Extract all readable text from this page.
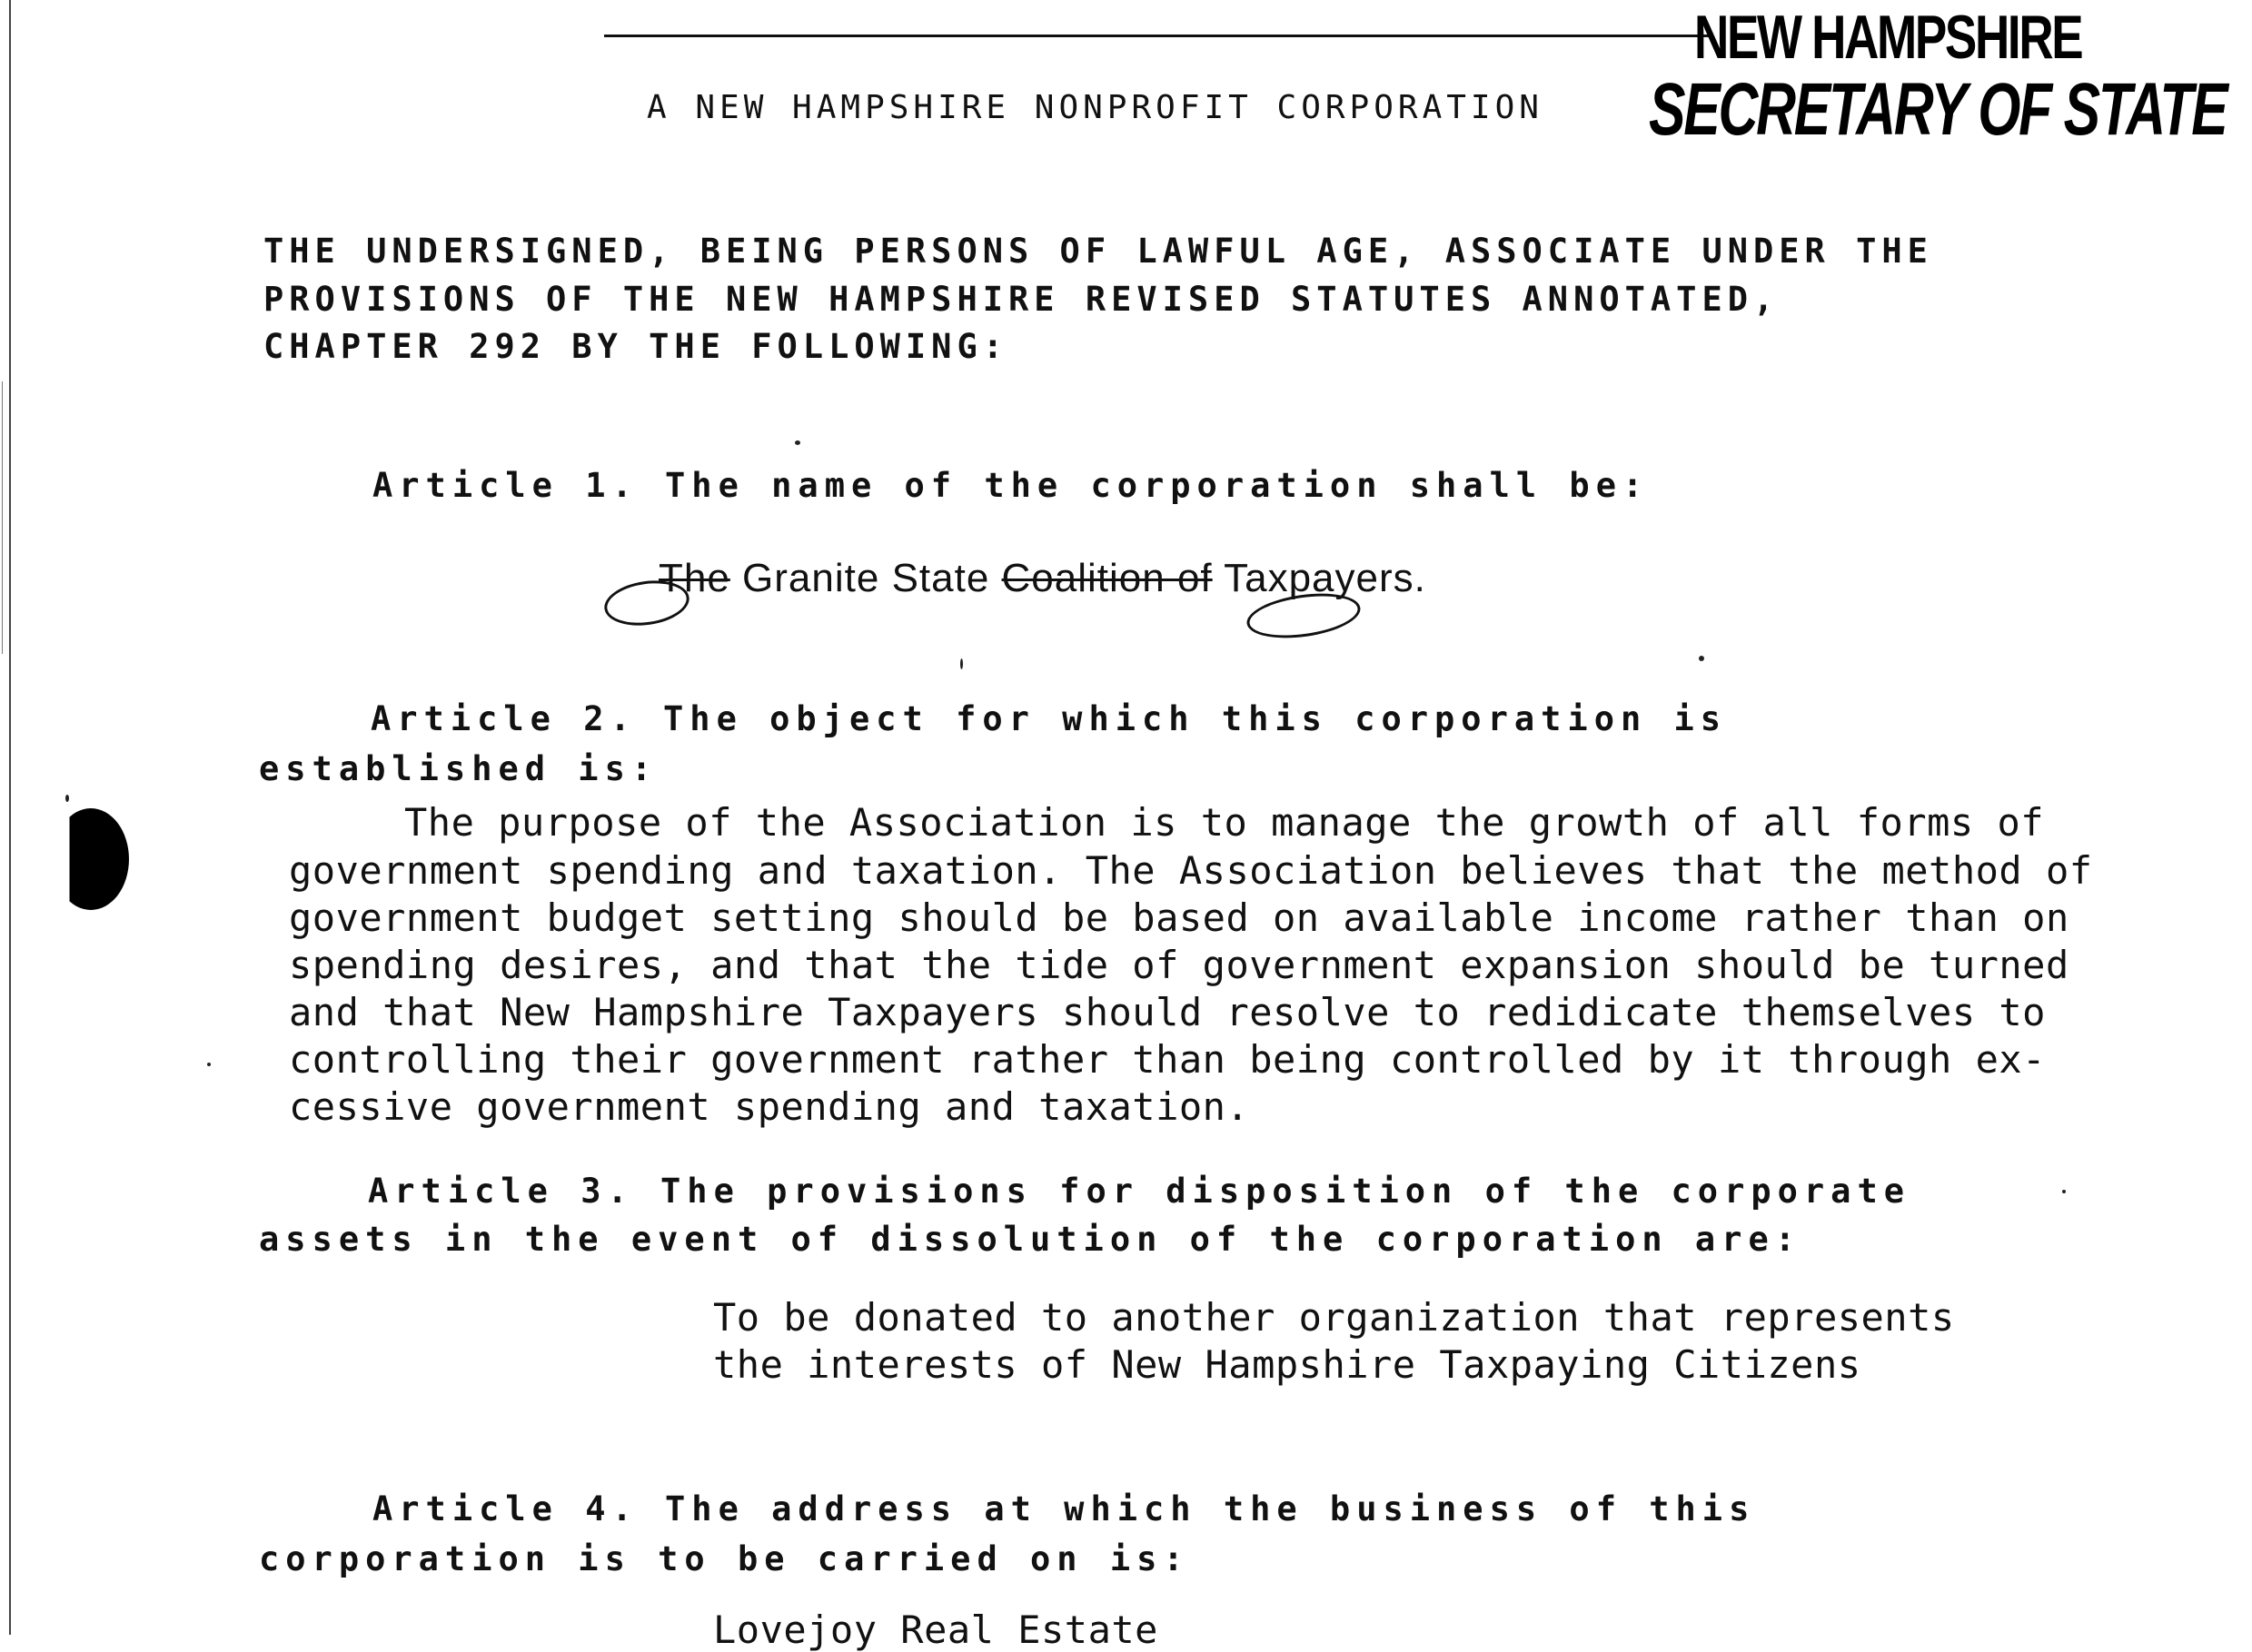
NEW HAMPSHIRE
SECRETARY OF STATE
A NEW HAMPSHIRE NONPROFIT CORPORATION
THE UNDERSIGNED, BEING PERSONS OF LAWFUL AGE, ASSOCIATE UNDER THE
PROVISIONS OF THE NEW HAMPSHIRE REVISED STATUTES ANNOTATED,
CHAPTER 292 BY THE FOLLOWING:
Article 1. The name of the corporation shall be:
The Granite State Coalition of Taxpayers.
Article 2. The object for which this corporation is
established is:
The purpose of the Association is to manage the growth of all forms of
government spending and taxation. The Association believes that the method of
government budget setting should be based on available income rather than on
spending desires, and that the tide of government expansion should be turned
and that New Hampshire Taxpayers should resolve to redidicate themselves to
controlling their government rather than being controlled by it through ex-
cessive government spending and taxation.
Article 3. The provisions for disposition of the corporate
assets in the event of dissolution of the corporation are:
To be donated to another organization that represents
the interests of New Hampshire Taxpaying Citizens
Article 4. The address at which the business of this
corporation is to be carried on is:
Lovejoy Real Estate
